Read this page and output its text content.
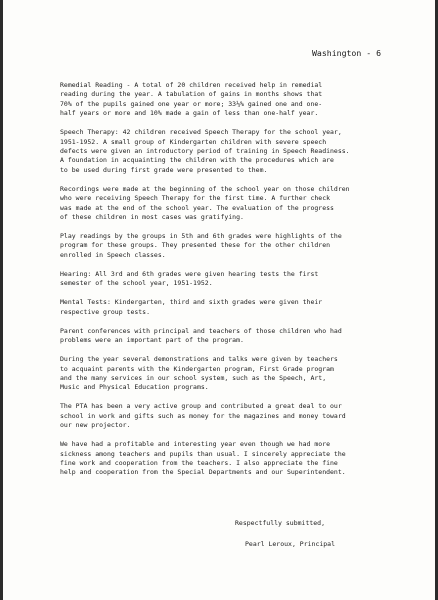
Washington - 6
Remedial Reading - A total of 20 children received help in remedial
reading during the year. A tabulation of gains in months shows that
70% of the pupils gained one year or more; 33⅓% gained one and one-
half years or more and 10% made a gain of less than one-half year.
Speech Therapy: 42 children received Speech Therapy for the school year,
1951-1952. A small group of Kindergarten children with severe speech
defects were given an introductory period of training in Speech Readiness.
A foundation in acquainting the children with the procedures which are
to be used during first grade were presented to them.
Recordings were made at the beginning of the school year on those children
who were receiving Speech Therapy for the first time. A further check
was made at the end of the school year. The evaluation of the progress
of these children in most cases was gratifying.
Play readings by the groups in 5th and 6th grades were highlights of the
program for these groups. They presented these for the other children
enrolled in Speech classes.
Hearing: All 3rd and 6th grades were given hearing tests the first
semester of the school year, 1951-1952.
Mental Tests: Kindergarten, third and sixth grades were given their
respective group tests.
Parent conferences with principal and teachers of those children who had
problems were an important part of the program.
During the year several demonstrations and talks were given by teachers
to acquaint parents with the Kindergarten program, First Grade program
and the many services in our school system, such as the Speech, Art,
Music and Physical Education programs.
The PTA has been a very active group and contributed a great deal to our
school in work and gifts such as money for the magazines and money toward
our new projector.
We have had a profitable and interesting year even though we had more
sickness among teachers and pupils than usual. I sincerely appreciate the
fine work and cooperation from the teachers. I also appreciate the fine
help and cooperation from the Special Departments and our Superintendent.
Respectfully submitted,
Pearl Leroux, Principal
